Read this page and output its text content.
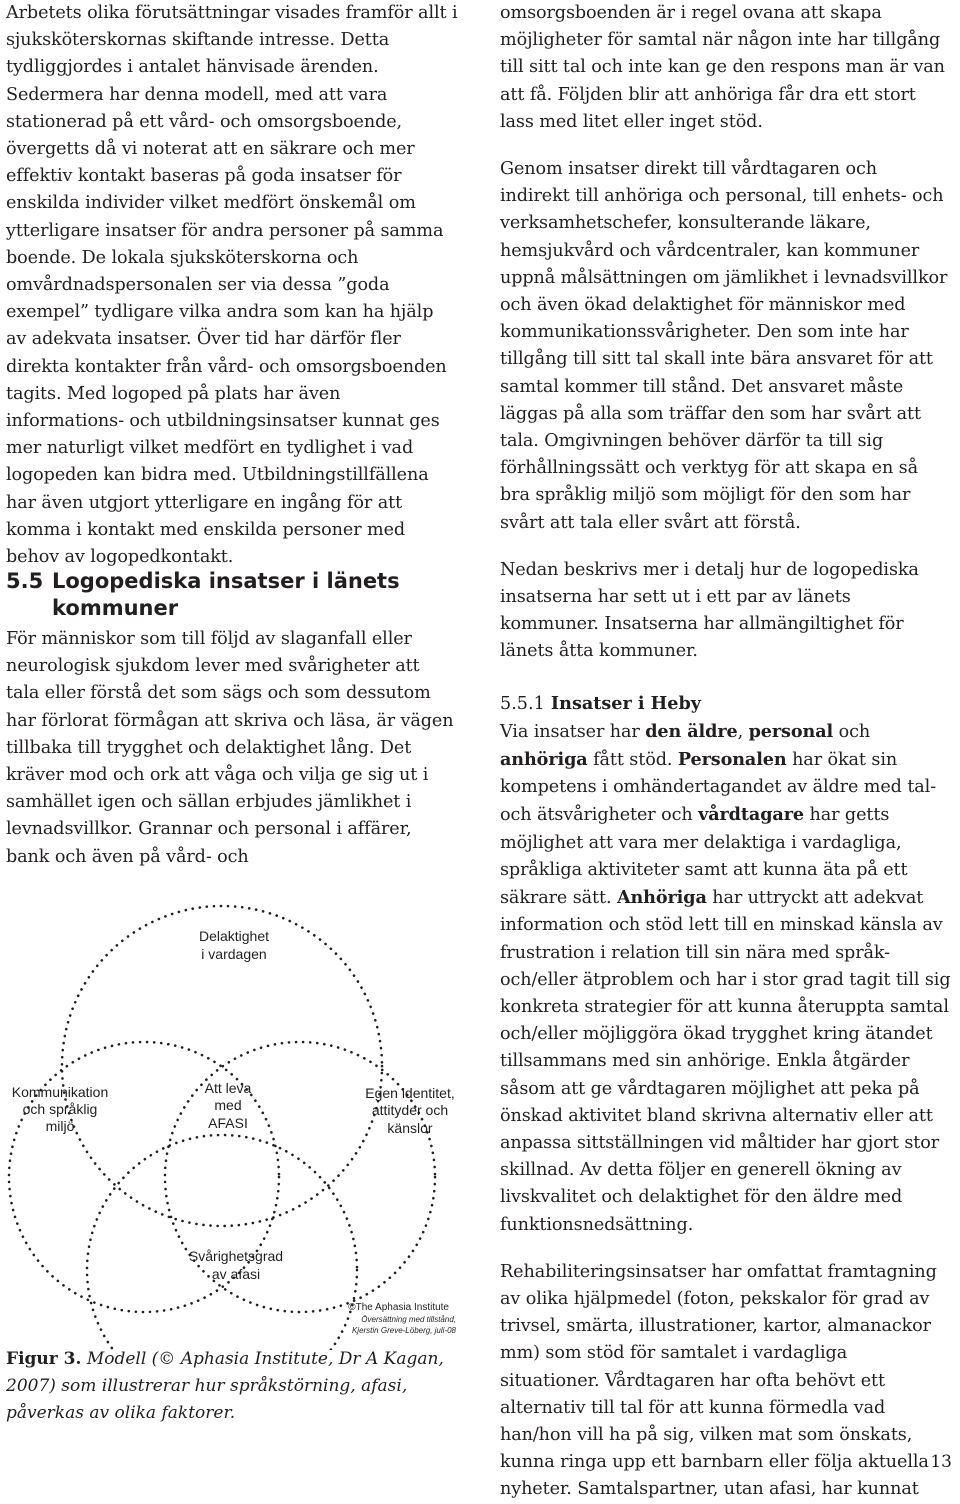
Arbetets olika förutsättningar visades framför allt i sjuksköterskornas skiftande intresse. Detta tydliggjordes i antalet hänvisade ärenden. Sedermera har denna modell, med att vara stationerad på ett vård- och omsorgsboende, övergetts då vi noterat att en säkrare och mer effektiv kontakt baseras på goda insatser för enskilda individer vilket medfört önskemål om ytterligare insatser för andra personer på samma boende. De lokala sjuksköterskorna och omvårdnadspersonalen ser via dessa ”goda exempel” tydligare vilka andra som kan ha hjälp av adekvata insatser. Över tid har därför fler direkta kontakter från vård- och omsorgsboenden tagits. Med logoped på plats har även informations- och utbildningsinsatser kunnat ges mer naturligt vilket medfört en tydlighet i vad logopeden kan bidra med. Utbildningstillfällena har även utgjort ytterligare en ingång för att komma i kontakt med enskilda personer med behov av logopedkontakt.

5.5 Logopediska insatser i länets
kommuner

För människor som till följd av slaganfall eller neurologisk sjukdom lever med svårigheter att tala eller förstå det som sägs och som dessutom har förlorat förmågan att skriva och läsa, är vägen tillbaka till trygghet och delaktighet lång. Det kräver mod och ork att våga och vilja ge sig ut i samhället igen och sällan erbjudes jämlikhet i levnadsvillkor. Grannar och personal i affärer, bank och även på vård- och

Delaktighet
i vardagen
Kommunikation
och språklig
miljö
Att leva
med
AFASI
Egen identitet,
attityder och
känslor
Svårighetsgrad
av afasi
©The Aphasia Institute
Översättning med tillstånd,
Kjerstin Greve-Löberg, juli-08

Figur 3. Modell (© Aphasia Institute, Dr A Kagan, 2007) som illustrerar hur språkstörning, afasi, påverkas av olika faktorer.

omsorgsboenden är i regel ovana att skapa möjligheter för samtal när någon inte har tillgång till sitt tal och inte kan ge den respons man är van att få. Följden blir att anhöriga får dra ett stort lass med litet eller inget stöd.

Genom insatser direkt till vårdtagaren och indirekt till anhöriga och personal, till enhets- och verksamhetschefer, konsulterande läkare, hemsjukvård och vårdcentraler, kan kommuner uppnå målsättningen om jämlikhet i levnadsvillkor och även ökad delaktighet för människor med kommunikationssvårigheter. Den som inte har tillgång till sitt tal skall inte bära ansvaret för att samtal kommer till stånd. Det ansvaret måste läggas på alla som träffar den som har svårt att tala. Omgivningen behöver därför ta till sig förhållningssätt och verktyg för att skapa en så bra språklig miljö som möjligt för den som har svårt att tala eller svårt att förstå.

Nedan beskrivs mer i detalj hur de logopediska insatserna har sett ut i ett par av länets kommuner. Insatserna har allmängiltighet för länets åtta kommuner.

5.5.1 Insatser i Heby

Via insatser har den äldre, personal och anhöriga fått stöd. Personalen har ökat sin kompetens i omhändertagandet av äldre med tal- och ätsvårigheter och vårdtagare har getts möjlighet att vara mer delaktiga i vardagliga, språkliga aktiviteter samt att kunna äta på ett säkrare sätt. Anhöriga har uttryckt att adekvat information och stöd lett till en minskad känsla av frustration i relation till sin nära med språk- och/eller ätproblem och har i stor grad tagit till sig konkreta strategier för att kunna återuppta samtal och/eller möjliggöra ökad trygghet kring ätandet tillsammans med sin anhörige. Enkla åtgärder såsom att ge vårdtagaren möjlighet att peka på önskad aktivitet bland skrivna alternativ eller att anpassa sittställningen vid måltider har gjort stor skillnad. Av detta följer en generell ökning av livskvalitet och delaktighet för den äldre med funktionsnedsättning.

Rehabiliteringsinsatser har omfattat framtagning av olika hjälpmedel (foton, pekskalor för grad av trivsel, smärta, illustrationer, kartor, almanackor mm) som stöd för samtalet i vardagliga situationer. Vårdtagaren har ofta behövt ett alternativ till tal för att kunna förmedla vad han/hon vill ha på sig, vilken mat som önskats, kunna ringa upp ett barnbarn eller följa aktuella nyheter. Samtalspartner, utan afasi, har kunnat

13
